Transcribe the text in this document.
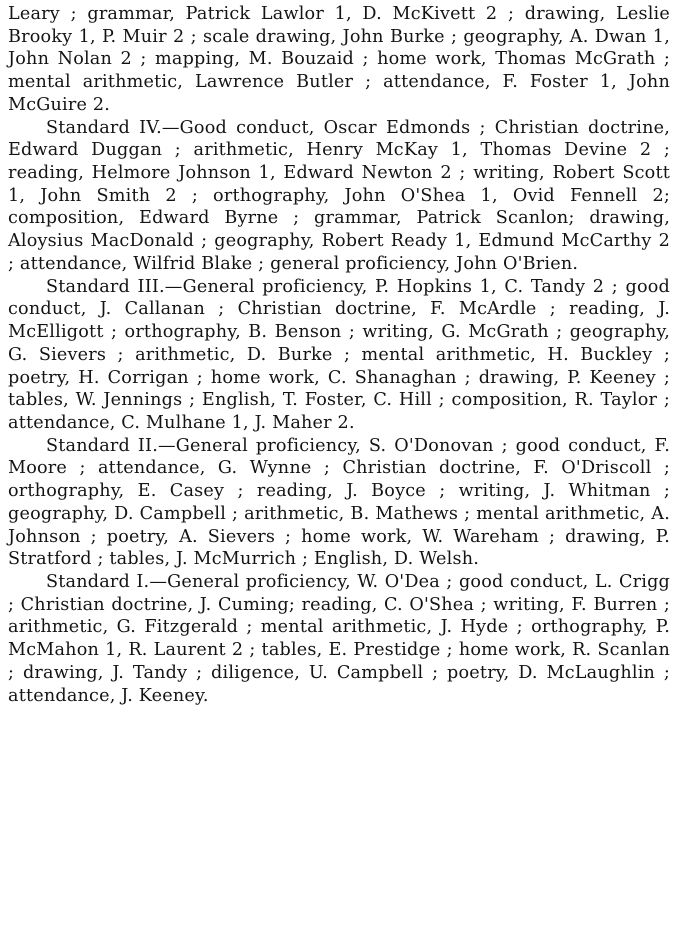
Leary ; grammar, Patrick Lawlor 1, D. McKivett 2 ; drawing, Leslie Brooky 1, P. Muir 2 ; scale drawing, John Burke ; geography, A. Dwan 1, John Nolan 2 ; mapping, M. Bouzaid ; home work, Thomas McGrath ; mental arithmetic, Lawrence Butler ; attendance, F. Foster 1, John McGuire 2.

Standard IV.—Good conduct, Oscar Edmonds ; Christian doctrine, Edward Duggan ; arithmetic, Henry McKay 1, Thomas Devine 2 ; reading, Helmore Johnson 1, Edward Newton 2 ; writing, Robert Scott 1, John Smith 2 ; orthography, John O'Shea 1, Ovid Fennell 2; composition, Edward Byrne ; grammar, Patrick Scanlon; drawing, Aloysius MacDonald ; geography, Robert Ready 1, Edmund McCarthy 2 ; attendance, Wilfrid Blake ; general proficiency, John O'Brien.

Standard III.—General proficiency, P. Hopkins 1, C. Tandy 2 ; good conduct, J. Callanan ; Christian doctrine, F. McArdle ; reading, J. McElligott ; orthography, B. Benson ; writing, G. McGrath ; geography, G. Sievers ; arithmetic, D. Burke ; mental arithmetic, H. Buckley ; poetry, H. Corrigan ; home work, C. Shanaghan ; drawing, P. Keeney ; tables, W. Jennings ; English, T. Foster, C. Hill ; composition, R. Taylor ; attendance, C. Mulhane 1, J. Maher 2.

Standard II.—General proficiency, S. O'Donovan ; good conduct, F. Moore ; attendance, G. Wynne ; Christian doctrine, F. O'Driscoll ; orthography, E. Casey ; reading, J. Boyce ; writing, J. Whitman ; geography, D. Campbell ; arithmetic, B. Mathews ; mental arithmetic, A. Johnson ; poetry, A. Sievers ; home work, W. Wareham ; drawing, P. Stratford ; tables, J. McMurrich ; English, D. Welsh.

Standard I.—General proficiency, W. O'Dea ; good conduct, L. Crigg ; Christian doctrine, J. Cuming; reading, C. O'Shea ; writing, F. Burren ; arithmetic, G. Fitzgerald ; mental arithmetic, J. Hyde ; orthography, P. McMahon 1, R. Laurent 2 ; tables, E. Prestidge ; home work, R. Scanlan ; drawing, J. Tandy ; diligence, U. Campbell ; poetry, D. McLaughlin ; attendance, J. Keeney.
